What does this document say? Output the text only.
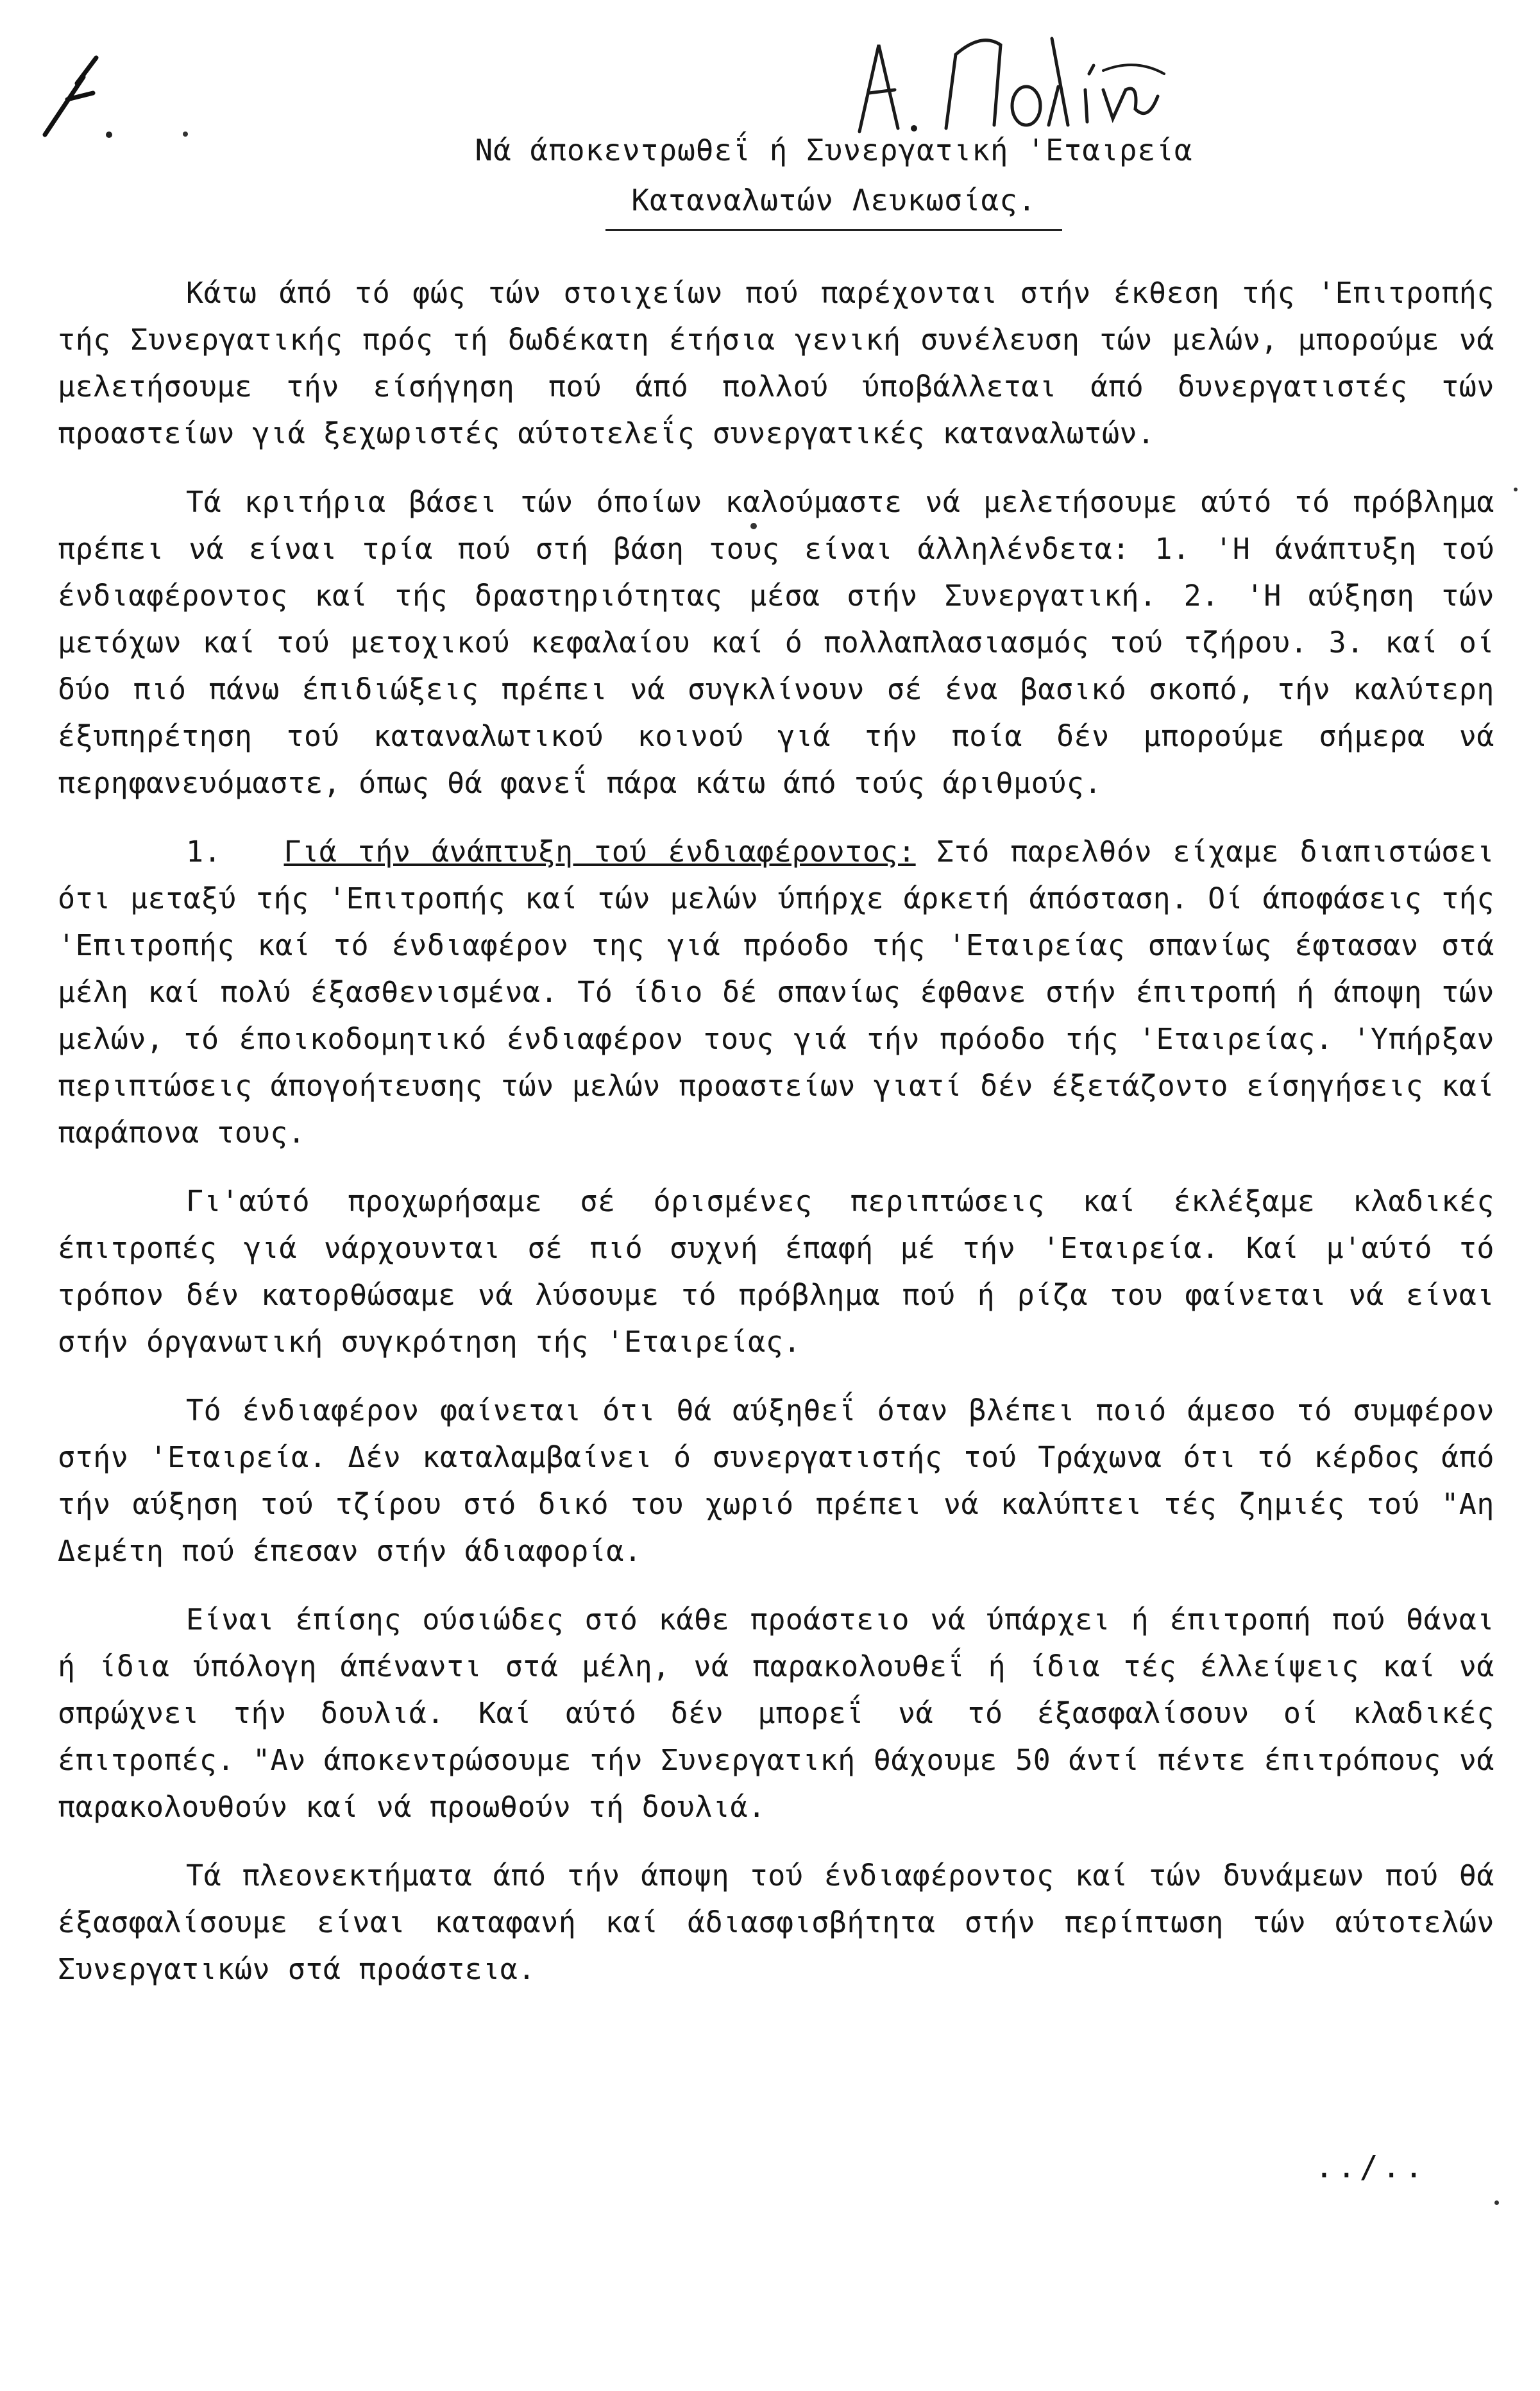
Νά άποκεντρωθεΐ ή Συνεργατική 'Εταιρεία
Καταναλωτών Λευκωσίας.

Κάτω άπό τό φώς τών στοιχείων πού παρέχονται στήν έκθεση τής 'Επιτροπής τής Συνεργατικής πρός τή δωδέκατη έτήσια γενική συνέλευση τών μελών, μπορούμε νά μελετήσουμε τήν είσήγηση πού άπό πολλού ύποβάλλεται άπό δυνεργατιστές τών προαστείων γιά ξεχωριστές αύτοτελεΐς συνεργατικές καταναλωτών.

Τά κριτήρια βάσει τών όποίων καλούμαστε νά μελετήσουμε αύτό τό πρόβλημα πρέπει νά είναι τρία πού στή βάση τους είναι άλληλένδετα: 1. 'Η άνάπτυξη τού ένδιαφέροντος καί τής δραστηριότητας μέσα στήν Συνεργατική. 2. 'Η αύξηση τών μετόχων καί τού μετοχικού κεφαλαίου καί ό πολλαπλασιασμός τού τζήρου. 3. καί οί δύο πιό πάνω έπιδιώξεις πρέπει νά συγκλίνουν σέ ένα βασικό σκοπό, τήν καλύτερη έξυπηρέτηση τού καταναλωτικού κοινού γιά τήν ποία δέν μπορούμε σήμερα νά περηφανευόμαστε, όπως θά φανεΐ πάρα κάτω άπό τούς άριθμούς.

1. Γιά τήν άνάπτυξη τού ένδιαφέροντος: Στό παρελθόν είχαμε διαπιστώσει ότι μεταξύ τής 'Επιτροπής καί τών μελών ύπήρχε άρκετή άπόσταση. Οί άποφάσεις τής 'Επιτροπής καί τό ένδιαφέρον της γιά πρόοδο τής 'Εταιρείας σπανίως έφτασαν στά μέλη καί πολύ έξασθενισμένα. Τό ίδιο δέ σπανίως έφθανε στήν έπιτροπή ή άποψη τών μελών, τό έποικοδομητικό ένδιαφέρον τους γιά τήν πρόοδο τής 'Εταιρείας. 'Υπήρξαν περιπτώσεις άπογοήτευσης τών μελών προαστείων γιατί δέν έξετάζοντο είσηγήσεις καί παράπονα τους.

Γι'αύτό προχωρήσαμε σέ όρισμένες περιπτώσεις καί έκλέξαμε κλαδικές έπιτροπές γιά νάρχουνται σέ πιό συχνή έπαφή μέ τήν 'Εταιρεία. Καί μ'αύτό τό τρόπον δέν κατορθώσαμε νά λύσουμε τό πρόβλημα πού ή ρίζα του φαίνεται νά είναι στήν όργανωτική συγκρότηση τής 'Εταιρείας.

Τό ένδιαφέρον φαίνεται ότι θά αύξηθεΐ όταν βλέπει ποιό άμεσο τό συμφέρον στήν 'Εταιρεία. Δέν καταλαμβαίνει ό συνεργατιστής τού Τράχωνα ότι τό κέρδος άπό τήν αύξηση τού τζίρου στό δικό του χωριό πρέπει νά καλύπτει τές ζημιές τού "Αη Δεμέτη πού έπεσαν στήν άδιαφορία.

Είναι έπίσης ούσιώδες στό κάθε προάστειο νά ύπάρχει ή έπιτροπή πού θάναι ή ίδια ύπόλογη άπέναντι στά μέλη, νά παρακολουθεΐ ή ίδια τές έλλείψεις καί νά σπρώχνει τήν δουλιά. Καί αύτό δέν μπορεΐ νά τό έξασφαλίσουν οί κλαδικές έπιτροπές. "Αν άποκεντρώσουμε τήν Συνεργατική θάχουμε 50 άντί πέντε έπιτρόπους νά παρακολουθούν καί νά προωθούν τή δουλιά.

Τά πλεονεκτήματα άπό τήν άποψη τού ένδιαφέροντος καί τών δυνάμεων πού θά έξασφαλίσουμε είναι καταφανή καί άδιασφισβήτητα στήν περίπτωση τών αύτοτελών Συνεργατικών στά προάστεια.

../..
